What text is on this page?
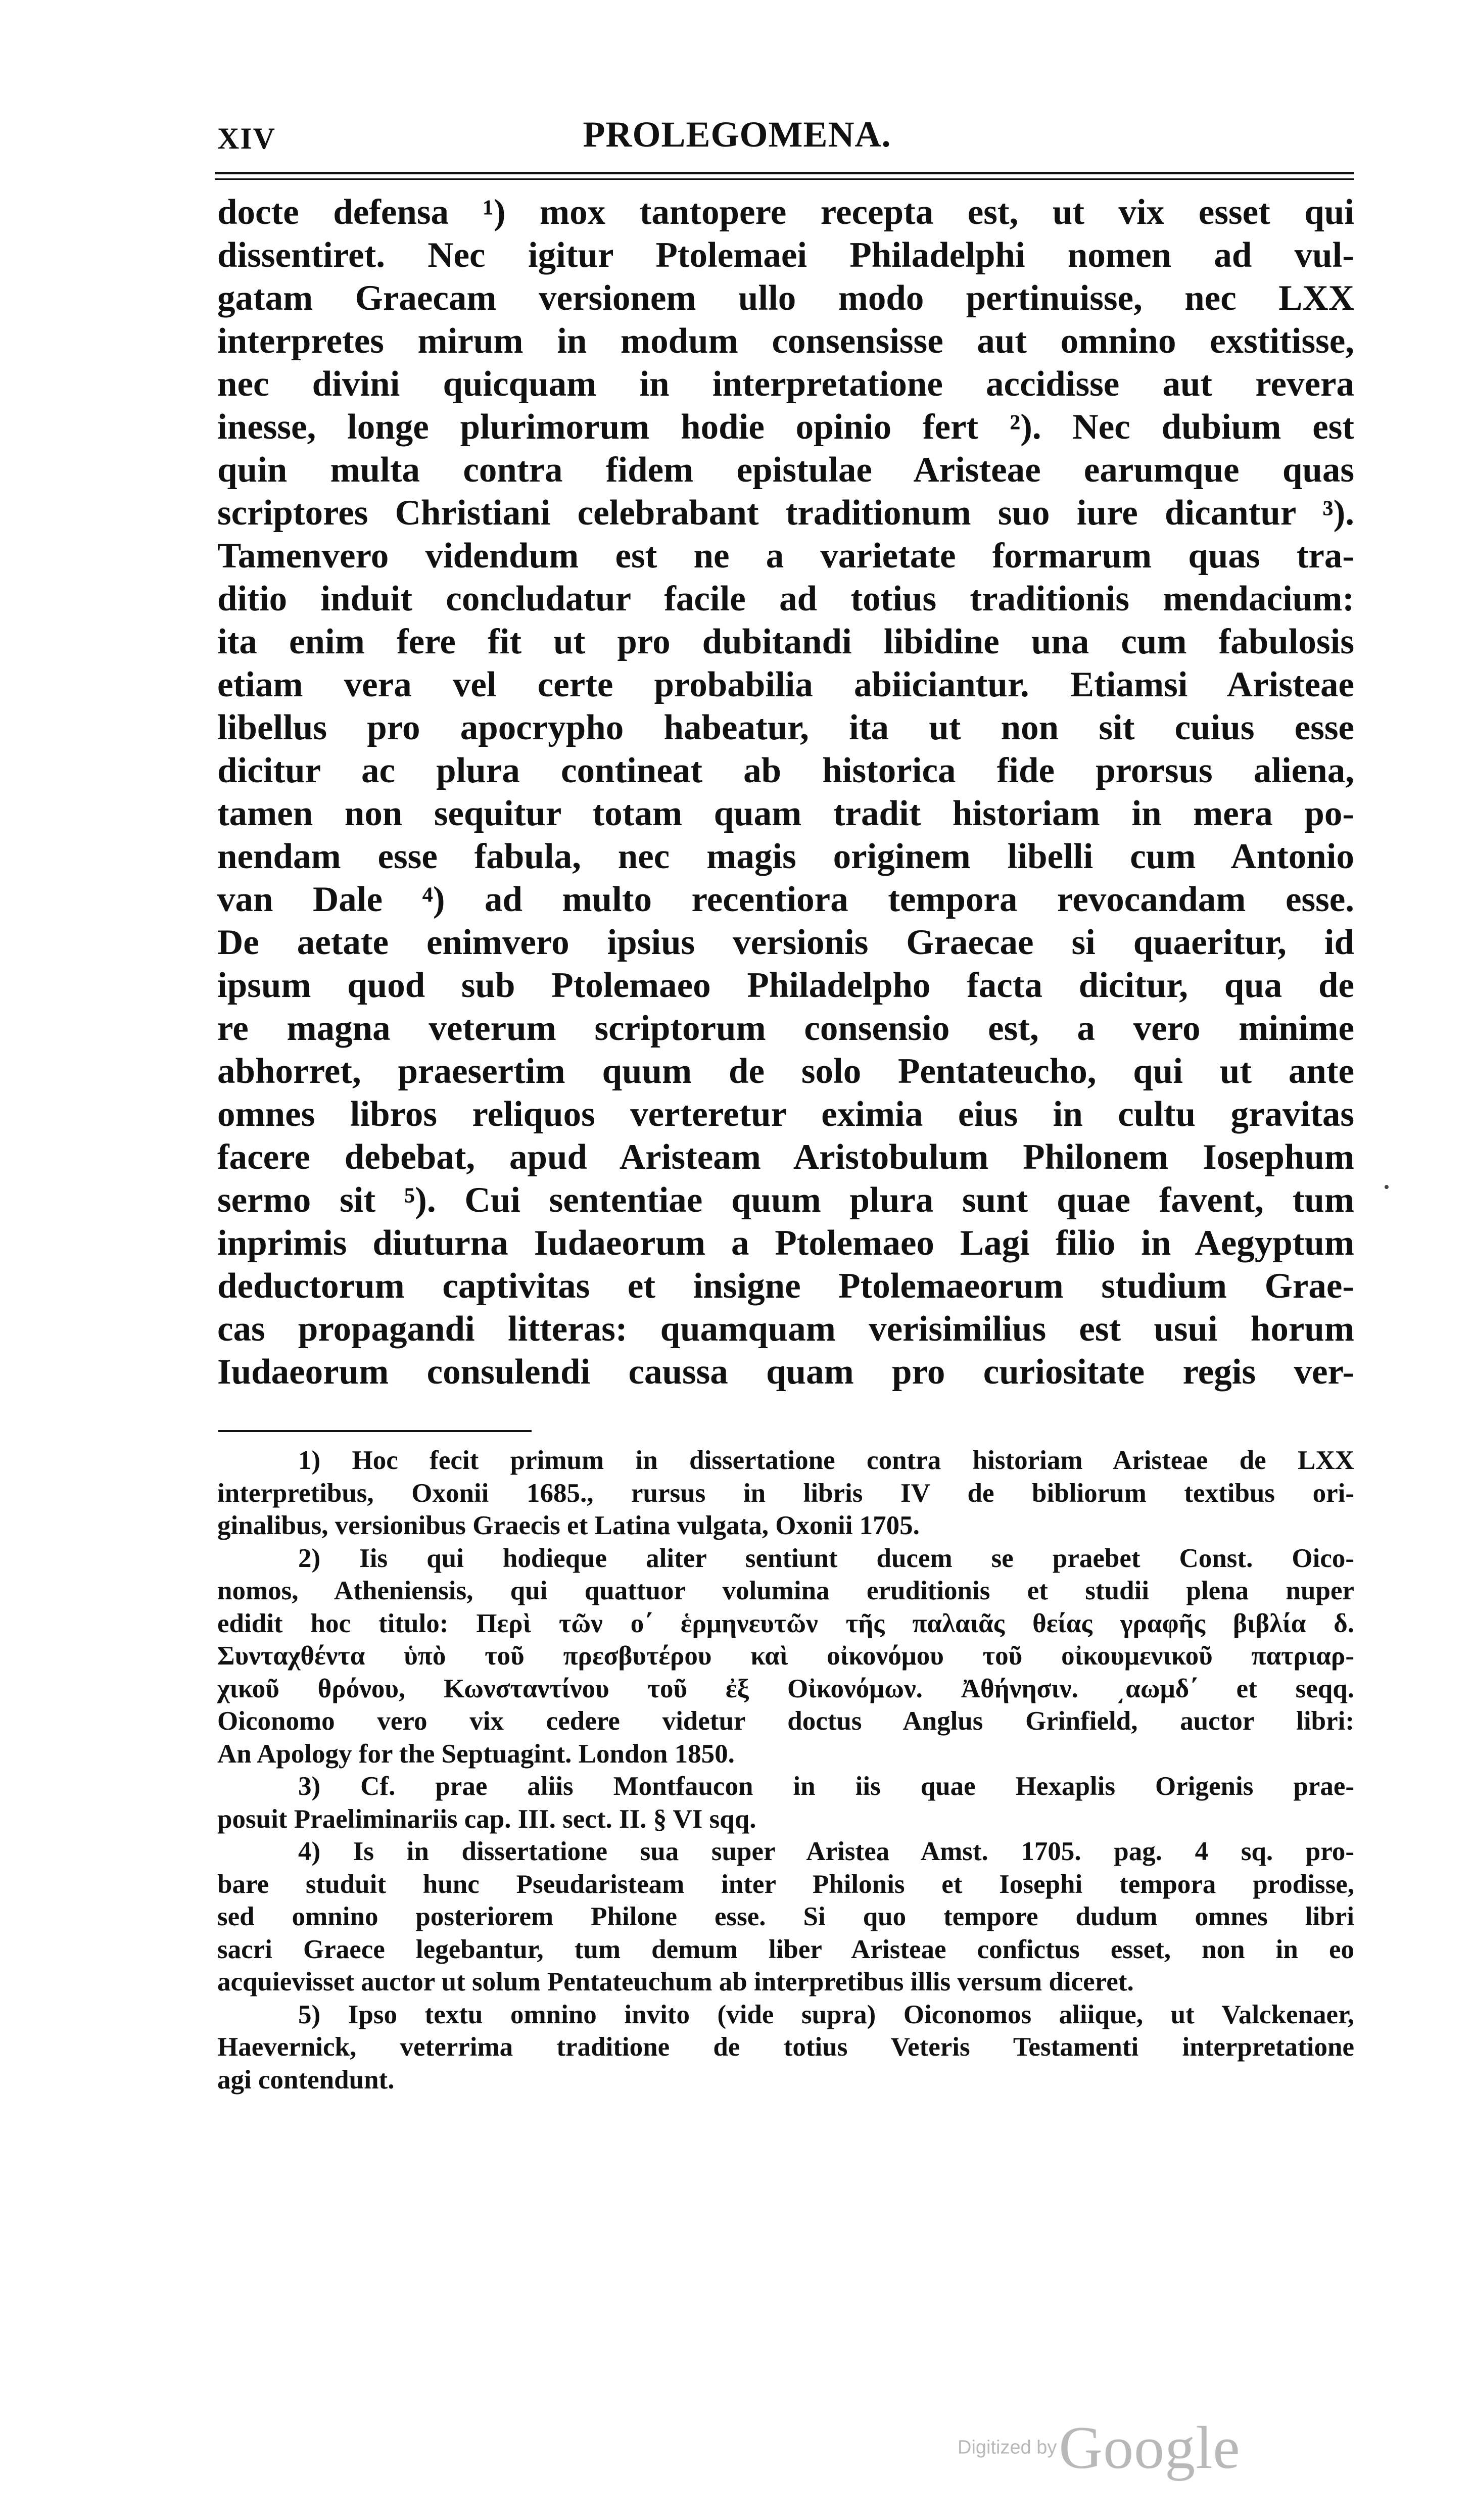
XIV	PROLEGOMENA.
docte defensa ¹) mox tantopere recepta est, ut vix esset qui
dissentiret. Nec igitur Ptolemaei Philadelphi nomen ad vul-
gatam Graecam versionem ullo modo pertinuisse, nec LXX
interpretes mirum in modum consensisse aut omnino exstitisse,
nec divini quicquam in interpretatione accidisse aut revera
inesse, longe plurimorum hodie opinio fert ²). Nec dubium est
quin multa contra fidem epistulae Aristeae earumque quas
scriptores Christiani celebrabant traditionum suo iure dicantur ³).
Tamenvero videndum est ne a varietate formarum quas tra-
ditio induit concludatur facile ad totius traditionis mendacium:
ita enim fere fit ut pro dubitandi libidine una cum fabulosis
etiam vera vel certe probabilia abiiciantur. Etiamsi Aristeae
libellus pro apocrypho habeatur, ita ut non sit cuius esse
dicitur ac plura contineat ab historica fide prorsus aliena,
tamen non sequitur totam quam tradit historiam in mera po-
nendam esse fabula, nec magis originem libelli cum Antonio
van Dale ⁴) ad multo recentiora tempora revocandam esse.
De aetate enimvero ipsius versionis Graecae si quaeritur, id
ipsum quod sub Ptolemaeo Philadelpho facta dicitur, qua de
re magna veterum scriptorum consensio est, a vero minime
abhorret, praesertim quum de solo Pentateucho, qui ut ante
omnes libros reliquos verteretur eximia eius in cultu gravitas
facere debebat, apud Aristeam Aristobulum Philonem Iosephum
sermo sit ⁵). Cui sententiae quum plura sunt quae favent, tum
inprimis diuturna Iudaeorum a Ptolemaeo Lagi filio in Aegyptum
deductorum captivitas et insigne Ptolemaeorum studium Grae-
cas propagandi litteras: quamquam verisimilius est usui horum
Iudaeorum consulendi caussa quam pro curiositate regis ver-
1) Hoc fecit primum in dissertatione contra historiam Aristeae de LXX
interpretibus, Oxonii 1685., rursus in libris IV de bibliorum textibus ori-
ginalibus, versionibus Graecis et Latina vulgata, Oxonii 1705.
2) Iis qui hodieque aliter sentiunt ducem se praebet Const. Oico-
nomos, Atheniensis, qui quattuor volumina eruditionis et studii plena nuper
edidit hoc titulo: Περὶ τῶν ο΄ ἑρμηνευτῶν τῆς παλαιᾶς θείας γραφῆς βιβλία δ.
Συνταχθέντα ὑπὸ τοῦ πρεσβυτέρου καὶ οἰκονόμου τοῦ οἰκουμενικοῦ πατριαρ-
χικοῦ θρόνου, Κωνσταντίνου τοῦ ἐξ Οἰκονόμων. Ἀθήνησιν. ͵αωμδ΄ et seqq.
Oiconomo vero vix cedere videtur doctus Anglus Grinfield, auctor libri:
An Apology for the Septuagint. London 1850.
3) Cf. prae aliis Montfaucon in iis quae Hexaplis Origenis prae-
posuit Praeliminariis cap. III. sect. II. § VI sqq.
4) Is in dissertatione sua super Aristea Amst. 1705. pag. 4 sq. pro-
bare studuit hunc Pseudaristeam inter Philonis et Iosephi tempora prodisse,
sed omnino posteriorem Philone esse. Si quo tempore dudum omnes libri
sacri Graece legebantur, tum demum liber Aristeae confictus esset, non in eo
acquievisset auctor ut solum Pentateuchum ab interpretibus illis versum diceret.
5) Ipso textu omnino invito (vide supra) Oiconomos aliique, ut Valckenaer,
Haevernick, veterrima traditione de totius Veteris Testamenti interpretatione
agi contendunt.
Digitized by Google
